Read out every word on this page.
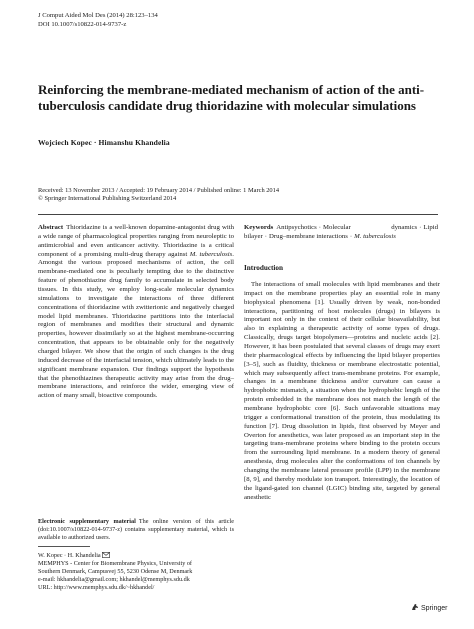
J Comput Aided Mol Des (2014) 28:123–134
DOI 10.1007/s10822-014-9737-z
Reinforcing the membrane-mediated mechanism of action of the anti-tuberculosis candidate drug thioridazine with molecular simulations
Wojciech Kopec · Himanshu Khandelia
Received: 13 November 2013 / Accepted: 19 February 2014 / Published online: 1 March 2014
© Springer International Publishing Switzerland 2014
Abstract Thioridazine is a well-known dopamine-antagonist drug with a wide range of pharmacological properties ranging from neuroleptic to antimicrobial and even anticancer activity. Thioridazine is a critical component of a promising multi-drug therapy against M. tuberculosis. Amongst the various proposed mechanisms of action, the cell membrane-mediated one is peculiarly tempting due to the distinctive feature of phenothiazine drug family to accumulate in selected body tissues. In this study, we employ long-scale molecular dynamics simulations to investigate the interactions of three different concentrations of thioridazine with zwitterionic and negatively charged model lipid membranes. Thioridazine partitions into the interfacial region of membranes and modifies their structural and dynamic properties, however dissimilarly so at the highest membrane-occurring concentration, that appears to be obtainable only for the negatively charged bilayer. We show that the origin of such changes is the drug induced decrease of the interfacial tension, which ultimately leads to the significant membrane expansion. Our findings support the hypothesis that the phenothiazines therapeutic activity may arise from the drug–membrane interactions, and reinforce the wider, emerging view of action of many small, bioactive compounds.
Keywords Antipsychotics · Molecular dynamics · Lipid bilayer · Drug–membrane interactions · M. tuberculosis
Introduction
The interactions of small molecules with lipid membranes and their impact on the membrane properties play an essential role in many biophysical phenomena [1]. Usually driven by weak, non-bonded interactions, partitioning of host molecules (drugs) in bilayers is important not only in the context of their cellular bioavailability, but also in explaining a therapeutic activity of some types of drugs. Classically, drugs target biopolymers—proteins and nucleic acids [2]. However, it has been postulated that several classes of drugs may exert their pharmacological effects by influencing the lipid bilayer properties [3–5], such as fluidity, thickness or membrane electrostatic potential, which may subsequently affect trans-membrane proteins. For example, changes in a membrane thickness and/or curvature can cause a hydrophobic mismatch, a situation when the hydrophobic length of the protein embedded in the membrane does not match the length of the membrane hydrophobic core [6]. Such unfavorable situations may trigger a conformational transition of the protein, thus modulating its function [7]. Drug dissolution in lipids, first observed by Meyer and Overton for anesthetics, was later proposed as an important step in the targeting trans-membrane proteins where binding to the protein occurs from the surrounding lipid membrane. In a modern theory of general anesthesia, drug molecules alter the conformations of ion channels by changing the membrane lateral pressure profile (LPP) in the membrane [8, 9], and thereby modulate ion transport. Interestingly, the location of the ligand-gated ion channel (LGIC) binding site, targeted by general anesthetic
Electronic supplementary material The online version of this article (doi:10.1007/s10822-014-9737-z) contains supplementary material, which is available to authorized users.
W. Kopec · H. Khandelia
MEMPHYS - Center for Biomembrane Physics, University of
Southern Denmark, Campusvej 55, 5230 Odense M, Denmark
e-mail: hkhandelia@gmail.com; hkhandel@memphys.sdu.dk
URL: http://www.memphys.sdu.dk/~hkhandel/
Springer
